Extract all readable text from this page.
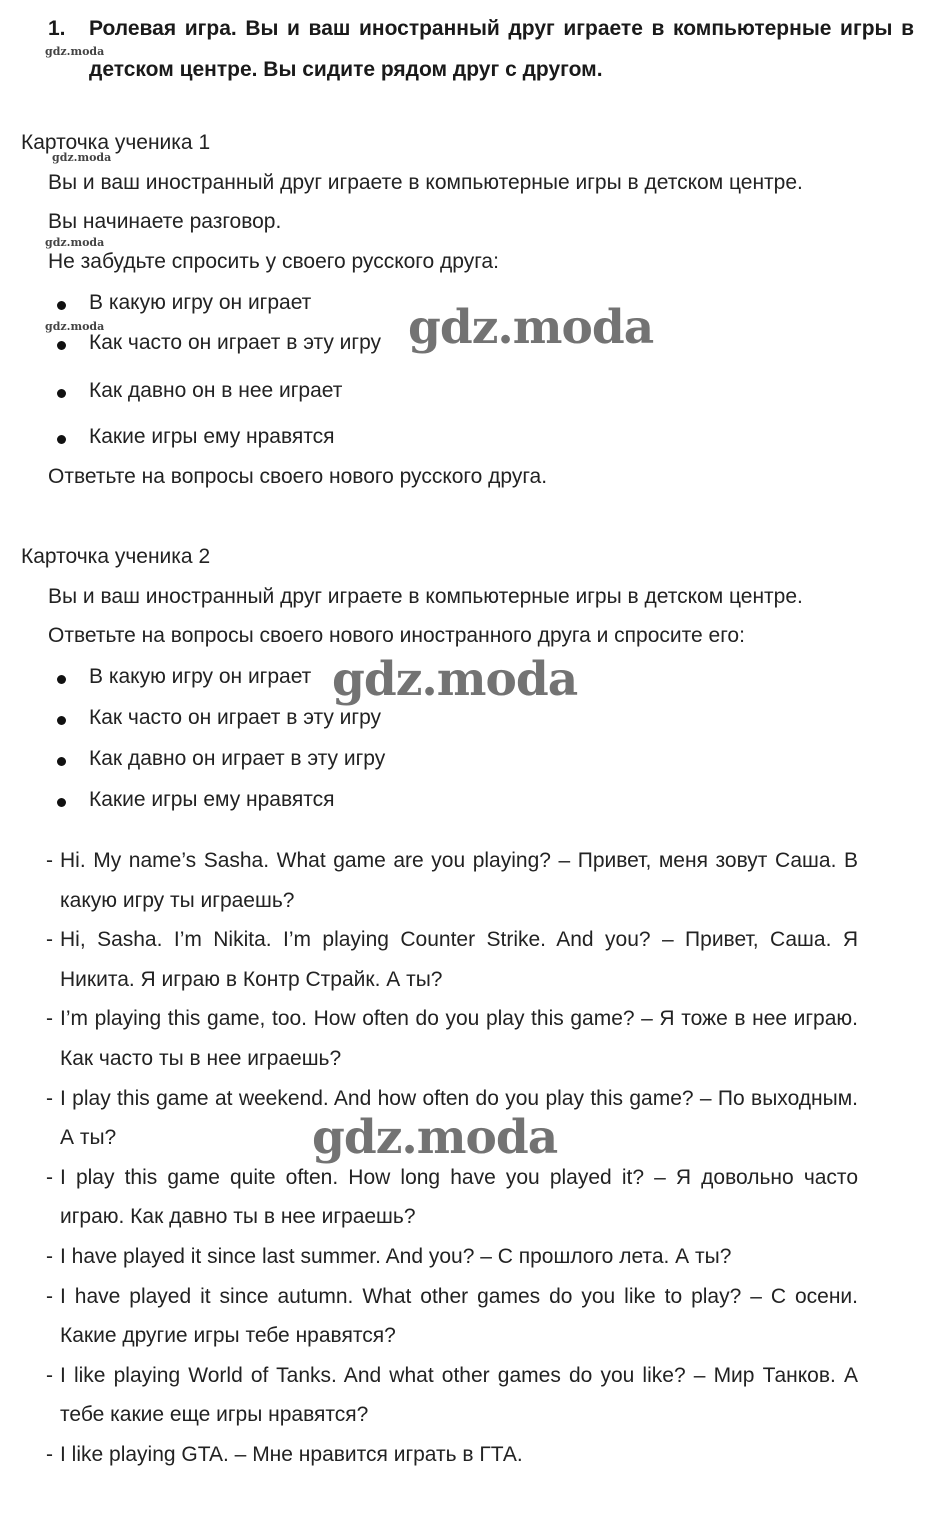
1. Ролевая игра. Вы и ваш иностранный друг играете в компьютерные игры в детском центре. Вы сидите рядом друг с другом.
Карточка ученика 1
Вы и ваш иностранный друг играете в компьютерные игры в детском центре.
Вы начинаете разговор.
Не забудьте спросить у своего русского друга:
В какую игру он играет
Как часто он играет в эту игру
Как давно он в нее играет
Какие игры ему нравятся
Ответьте на вопросы своего нового русского друга.
Карточка ученика 2
Вы и ваш иностранный друг играете в компьютерные игры в детском центре.
Ответьте на вопросы своего нового иностранного друга и спросите его:
В какую игру он играет
Как часто он играет в эту игру
Как давно он играет в эту игру
Какие игры ему нравятся
- Hi. My name’s Sasha. What game are you playing? – Привет, меня зовут Саша. В какую игру ты играешь?
- Hi, Sasha. I’m Nikita. I’m playing Counter Strike. And you? – Привет, Саша. Я Никита. Я играю в Контр Страйк. А ты?
- I’m playing this game, too. How often do you play this game? – Я тоже в нее играю. Как часто ты в нее играешь?
- I play this game at weekend. And how often do you play this game? – По выходным. А ты?
- I play this game quite often. How long have you played it? – Я довольно часто играю. Как давно ты в нее играешь?
- I have played it since last summer. And you? – С прошлого лета. А ты?
- I have played it since autumn. What other games do you like to play? – С осени. Какие другие игры тебе нравятся?
- I like playing World of Tanks. And what other games do you like? – Мир Танков. А тебе какие еще игры нравятся?
- I like playing GTA. – Мне нравится играть в ГТА.
gdz.moda
gdz.moda
gdz.moda
gdz.moda	gdz.moda
gdz.moda
gdz.moda
